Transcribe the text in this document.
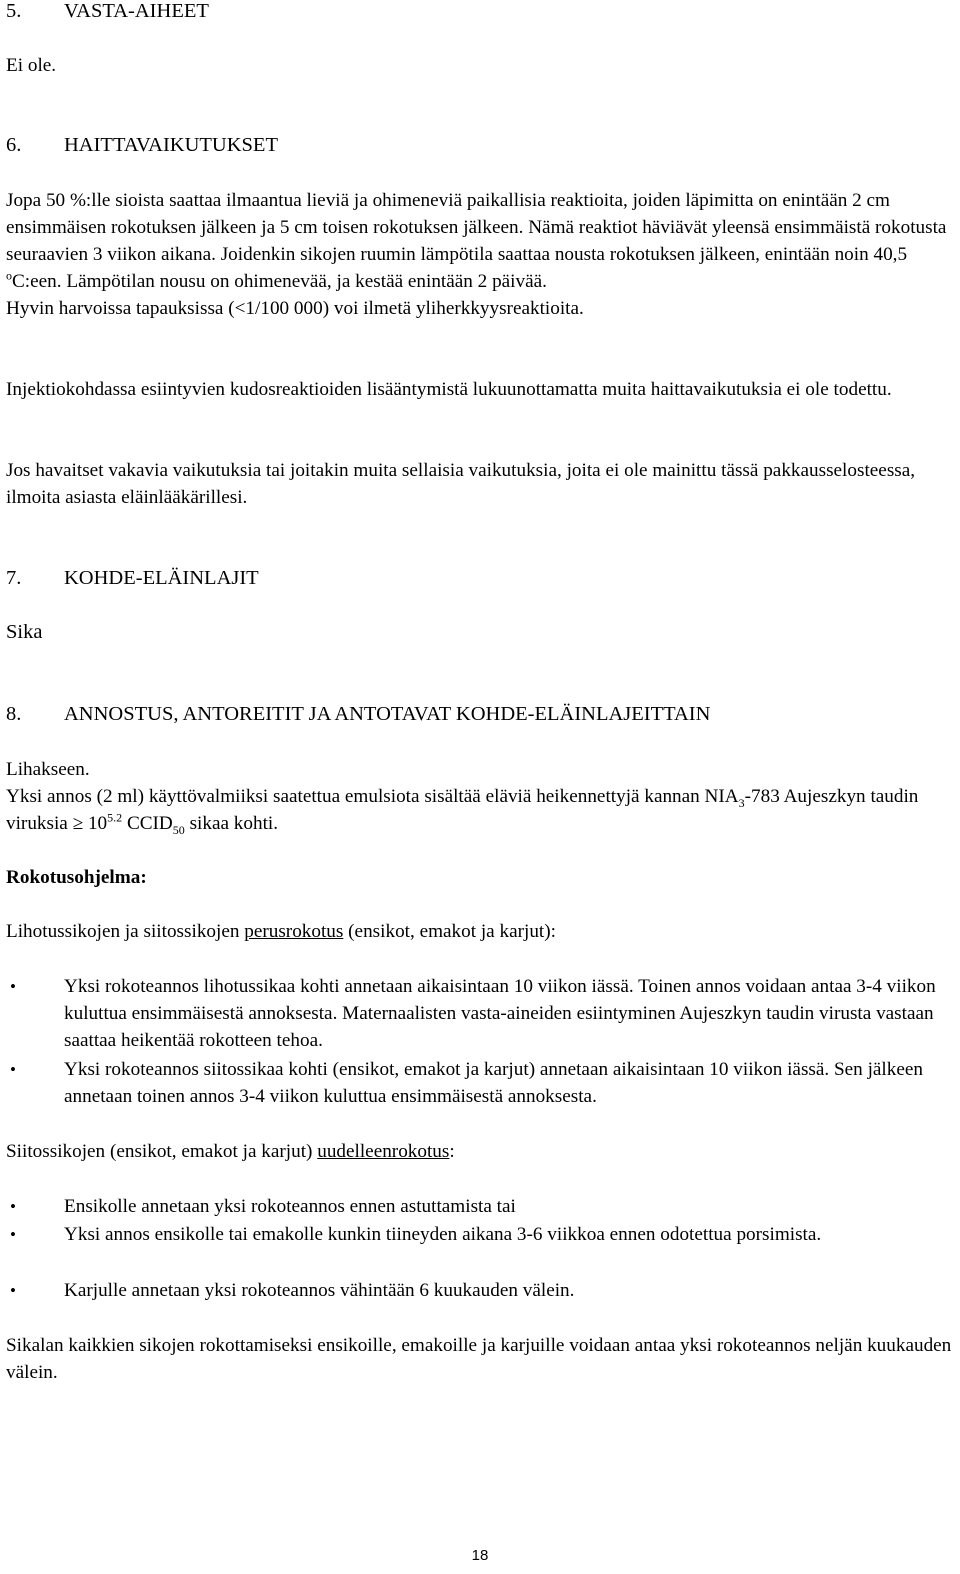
5. VASTA-AIHEET

Ei ole.

6. HAITTAVAIKUTUKSET

Jopa 50 %:lle sioista saattaa ilmaantua lieviä ja ohimeneviä paikallisia reaktioita, joiden läpimitta on enintään 2 cm ensimmäisen rokotuksen jälkeen ja 5 cm toisen rokotuksen jälkeen. Nämä reaktiot häviävät yleensä ensimmäistä rokotusta seuraavien 3 viikon aikana. Joidenkin sikojen ruumin lämpötila saattaa nousta rokotuksen jälkeen, enintään noin 40,5 $^o$C:een. Lämpötilan nousu on ohimenevää, ja kestää enintään 2 päivää.
Hyvin harvoissa tapauksissa (<1/100 000) voi ilmetä yliherkkyysreaktioita.

Injektiokohdassa esiintyvien kudosreaktioiden lisääntymistä lukuunottamatta muita haittavaikutuksia ei ole todettu.

Jos havaitset vakavia vaikutuksia tai joitakin muita sellaisia vaikutuksia, joita ei ole mainittu tässä pakkausselosteessa, ilmoita asiasta eläinlääkärillesi.

7. KOHDE-ELÄINLAJIT

Sika

8. ANNOSTUS, ANTOREITIT JA ANTOTAVAT KOHDE-ELÄINLAJEITTAIN

Lihakseen.

Yksi annos (2 ml) käyttövalmiiksi saatettua emulsiota sisältää eläviä heikennettyjä kannan $NIA_3-783$ Aujeszkyn taudin viruksia ≥ $10^{5.2}$ $CCID_{50}$ sikaa kohti.

Rokotusohjelma:

Lihotussikojen ja siitossikojen perusrokotus (ensikot, emakot ja karjut):

•	Yksi rokoteannos lihotussikaa kohti annetaan aikaisintaan 10 viikon iässä. Toinen annos voidaan antaa 3-4 viikon kuluttua ensimmäisestä annoksesta. Maternaalisten vasta-aineiden esiintyminen Aujeszkyn taudin virusta vastaan saattaa heikentää rokotteen tehoa.
•	Yksi rokoteannos siitossikaa kohti (ensikot, emakot ja karjut) annetaan aikaisintaan 10 viikon iässä. Sen jälkeen annetaan toinen annos 3-4 viikon kuluttua ensimmäisestä annoksesta.

Siitossikojen (ensikot, emakot ja karjut) uudelleenrokotus:

•	Ensikolle annetaan yksi rokoteannos ennen astuttamista tai
•	Yksi annos ensikolle tai emakolle kunkin tiineyden aikana 3-6 viikkoa ennen odotettua porsimista.
•	Karjulle annetaan yksi rokoteannos vähintään 6 kuukauden välein.

Sikalan kaikkien sikojen rokottamiseksi ensikoille, emakoille ja karjuille voidaan antaa yksi rokoteannos neljän kuukauden välein.

18
